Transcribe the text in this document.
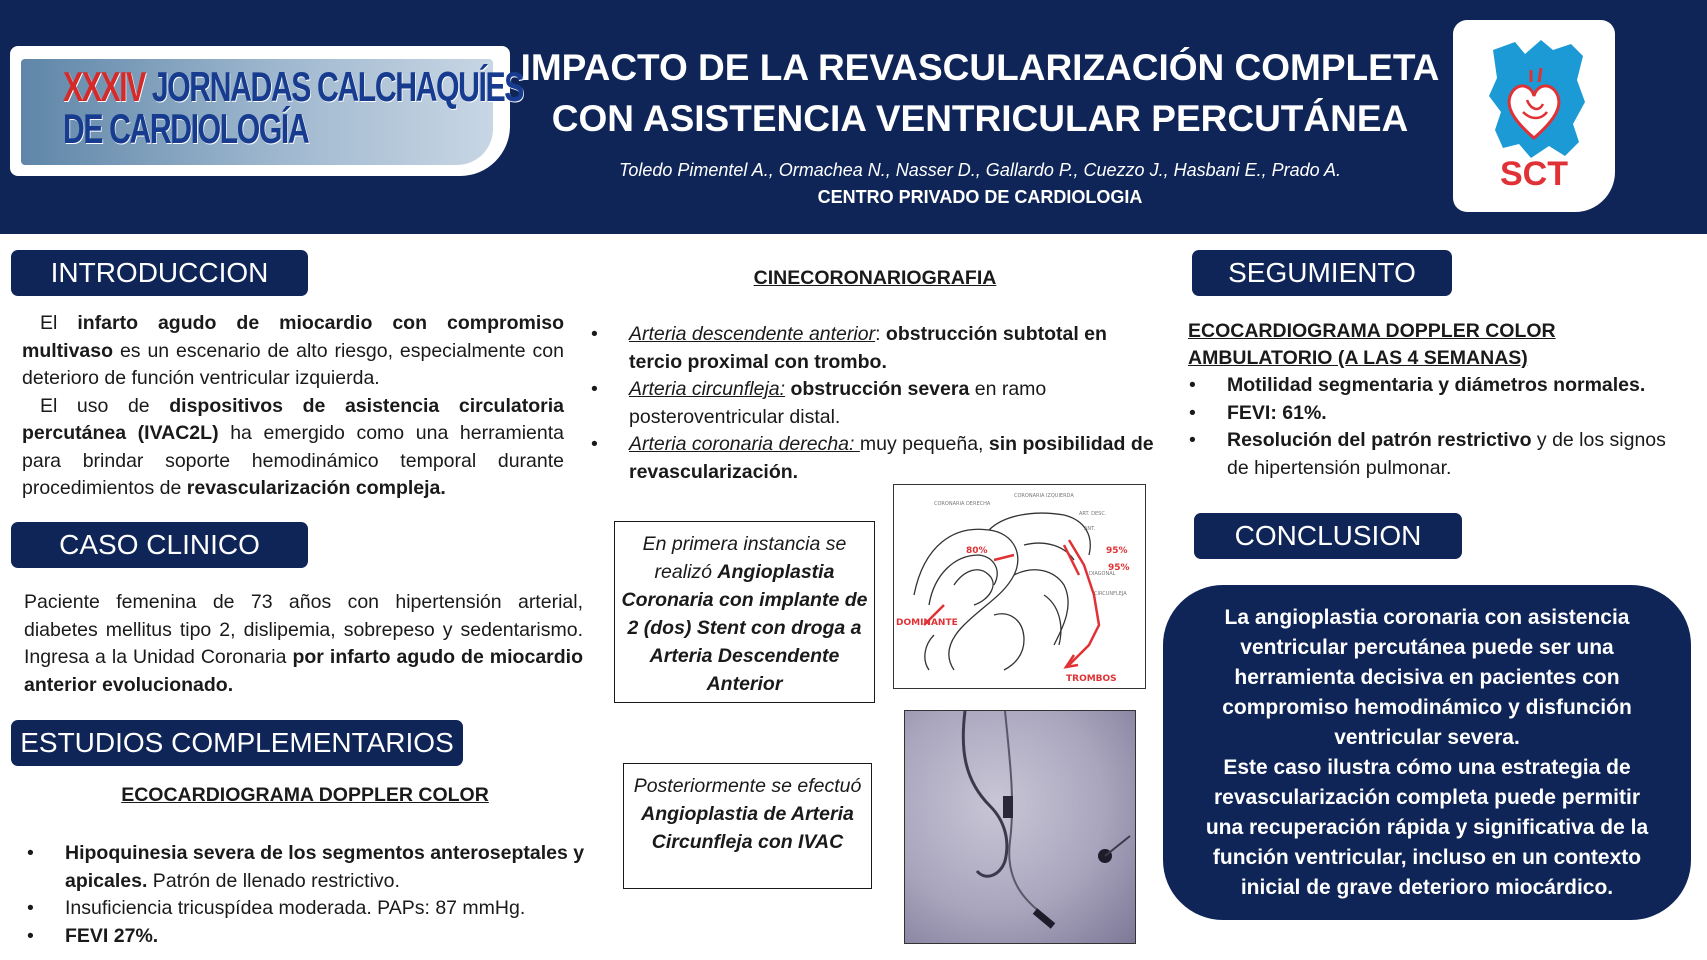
XXXIV JORNADAS CALCHAQUÍES
DE CARDIOLOGÍA
IMPACTO DE LA REVASCULARIZACIÓN COMPLETA
CON ASISTENCIA VENTRICULAR PERCUTÁNEA
Toledo Pimentel A., Ormachea N., Nasser D., Gallardo P., Cuezzo J., Hasbani E., Prado A.
CENTRO PRIVADO DE CARDIOLOGIA
SCT
INTRODUCCION
El infarto agudo de miocardio con compromiso multivaso es un escenario de alto riesgo, especialmente con deterioro de función ventricular izquierda.
El uso de dispositivos de asistencia circulatoria percutánea (IVAC2L) ha emergido como una herramienta para brindar soporte hemodinámico temporal durante procedimientos de revascularización compleja.
CASO CLINICO
Paciente femenina de 73 años con hipertensión arterial, diabetes mellitus tipo 2, dislipemia, sobrepeso y sedentarismo. Ingresa a la Unidad Coronaria por infarto agudo de miocardio anterior evolucionado.
ESTUDIOS COMPLEMENTARIOS
ECOCARDIOGRAMA DOPPLER COLOR
• Hipoquinesia severa de los segmentos anteroseptales y apicales. Patrón de llenado restrictivo.
• Insuficiencia tricuspídea moderada. PAPs: 87 mmHg.
• FEVI 27%.
CINECORONARIOGRAFIA
• Arteria descendente anterior: obstrucción subtotal en tercio proximal con trombo.
• Arteria circunfleja: obstrucción severa en ramo posteroventricular distal.
• Arteria coronaria derecha: muy pequeña, sin posibilidad de revascularización.
En primera instancia se realizó Angioplastia Coronaria con implante de 2 (dos) Stent con droga a Arteria Descendente Anterior
Posteriormente se efectuó Angioplastia de Arteria Circunfleja con IVAC
CORONARIA DERECHA
CORONARIA IZQUIERDA
ART. DESC.
ANT.
DIAGONAL
CIRCUNFLEJA
80%	95%
95%
DOMINANTE
TROMBOS
SEGUMIENTO
ECOCARDIOGRAMA DOPPLER COLOR AMBULATORIO (A LAS 4 SEMANAS)
• Motilidad segmentaria y diámetros normales.
• FEVI: 61%.
• Resolución del patrón restrictivo y de los signos de hipertensión pulmonar.
CONCLUSION
La angioplastia coronaria con asistencia ventricular percutánea puede ser una herramienta decisiva en pacientes con compromiso hemodinámico y disfunción ventricular severa.
Este caso ilustra cómo una estrategia de revascularización completa puede permitir una recuperación rápida y significativa de la función ventricular, incluso en un contexto inicial de grave deterioro miocárdico.
